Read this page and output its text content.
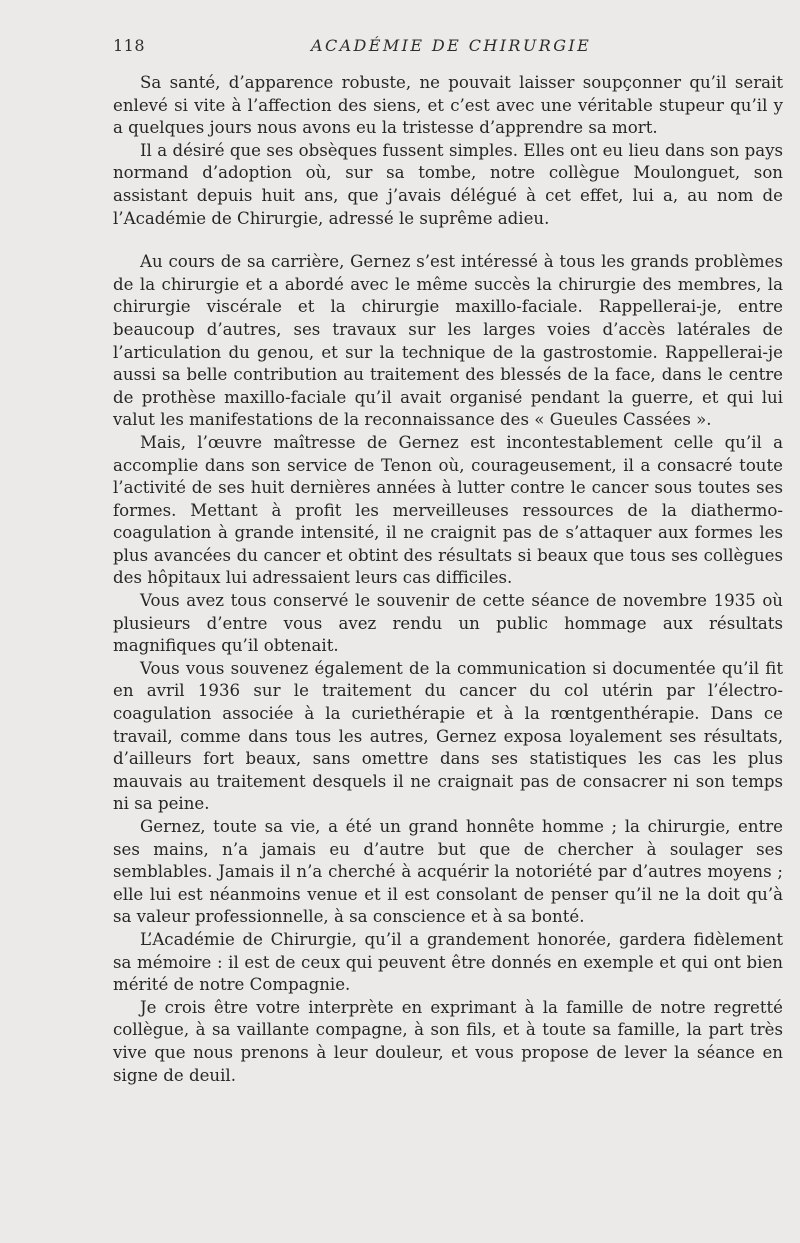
118	ACADÉMIE DE CHIRURGIE

Sa santé, d’apparence robuste, ne pouvait laisser soupçonner qu’il serait enlevé si vite à l’affection des siens, et c’est avec une véritable stupeur qu’il y a quelques jours nous avons eu la tristesse d’apprendre sa mort.

Il a désiré que ses obsèques fussent simples. Elles ont eu lieu dans son pays normand d’adoption où, sur sa tombe, notre collègue Moulonguet, son assistant depuis huit ans, que j’avais délégué à cet effet, lui a, au nom de l’Académie de Chirurgie, adressé le suprême adieu.

Au cours de sa carrière, Gernez s’est intéressé à tous les grands problèmes de la chirurgie et a abordé avec le même succès la chirurgie des membres, la chirurgie viscérale et la chirurgie maxillo-faciale. Rappellerai-je, entre beaucoup d’autres, ses travaux sur les larges voies d’accès latérales de l’articulation du genou, et sur la technique de la gastrostomie. Rappellerai-je aussi sa belle contribution au traitement des blessés de la face, dans le centre de prothèse maxillo-faciale qu’il avait organisé pendant la guerre, et qui lui valut les manifestations de la reconnaissance des « Gueules Cassées ».

Mais, l’œuvre maîtresse de Gernez est incontestablement celle qu’il a accomplie dans son service de Tenon où, courageusement, il a consacré toute l’activité de ses huit dernières années à lutter contre le cancer sous toutes ses formes. Mettant à profit les merveilleuses ressources de la diathermo-coagulation à grande intensité, il ne craignit pas de s’attaquer aux formes les plus avancées du cancer et obtint des résultats si beaux que tous ses collègues des hôpitaux lui adressaient leurs cas difficiles.

Vous avez tous conservé le souvenir de cette séance de novembre 1935 où plusieurs d’entre vous avez rendu un public hommage aux résultats magnifiques qu’il obtenait.

Vous vous souvenez également de la communication si documentée qu’il fit en avril 1936 sur le traitement du cancer du col utérin par l’électro-coagulation associée à la curiethérapie et à la rœntgenthérapie. Dans ce travail, comme dans tous les autres, Gernez exposa loyalement ses résultats, d’ailleurs fort beaux, sans omettre dans ses statistiques les cas les plus mauvais au traitement desquels il ne craignait pas de consacrer ni son temps ni sa peine.

Gernez, toute sa vie, a été un grand honnête homme ; la chirurgie, entre ses mains, n’a jamais eu d’autre but que de chercher à soulager ses semblables. Jamais il n’a cherché à acquérir la notoriété par d’autres moyens ; elle lui est néanmoins venue et il est consolant de penser qu’il ne la doit qu’à sa valeur professionnelle, à sa conscience et à sa bonté.

L’Académie de Chirurgie, qu’il a grandement honorée, gardera fidèlement sa mémoire : il est de ceux qui peuvent être donnés en exemple et qui ont bien mérité de notre Compagnie.

Je crois être votre interprète en exprimant à la famille de notre regretté collègue, à sa vaillante compagne, à son fils, et à toute sa famille, la part très vive que nous prenons à leur douleur, et vous propose de lever la séance en signe de deuil.
